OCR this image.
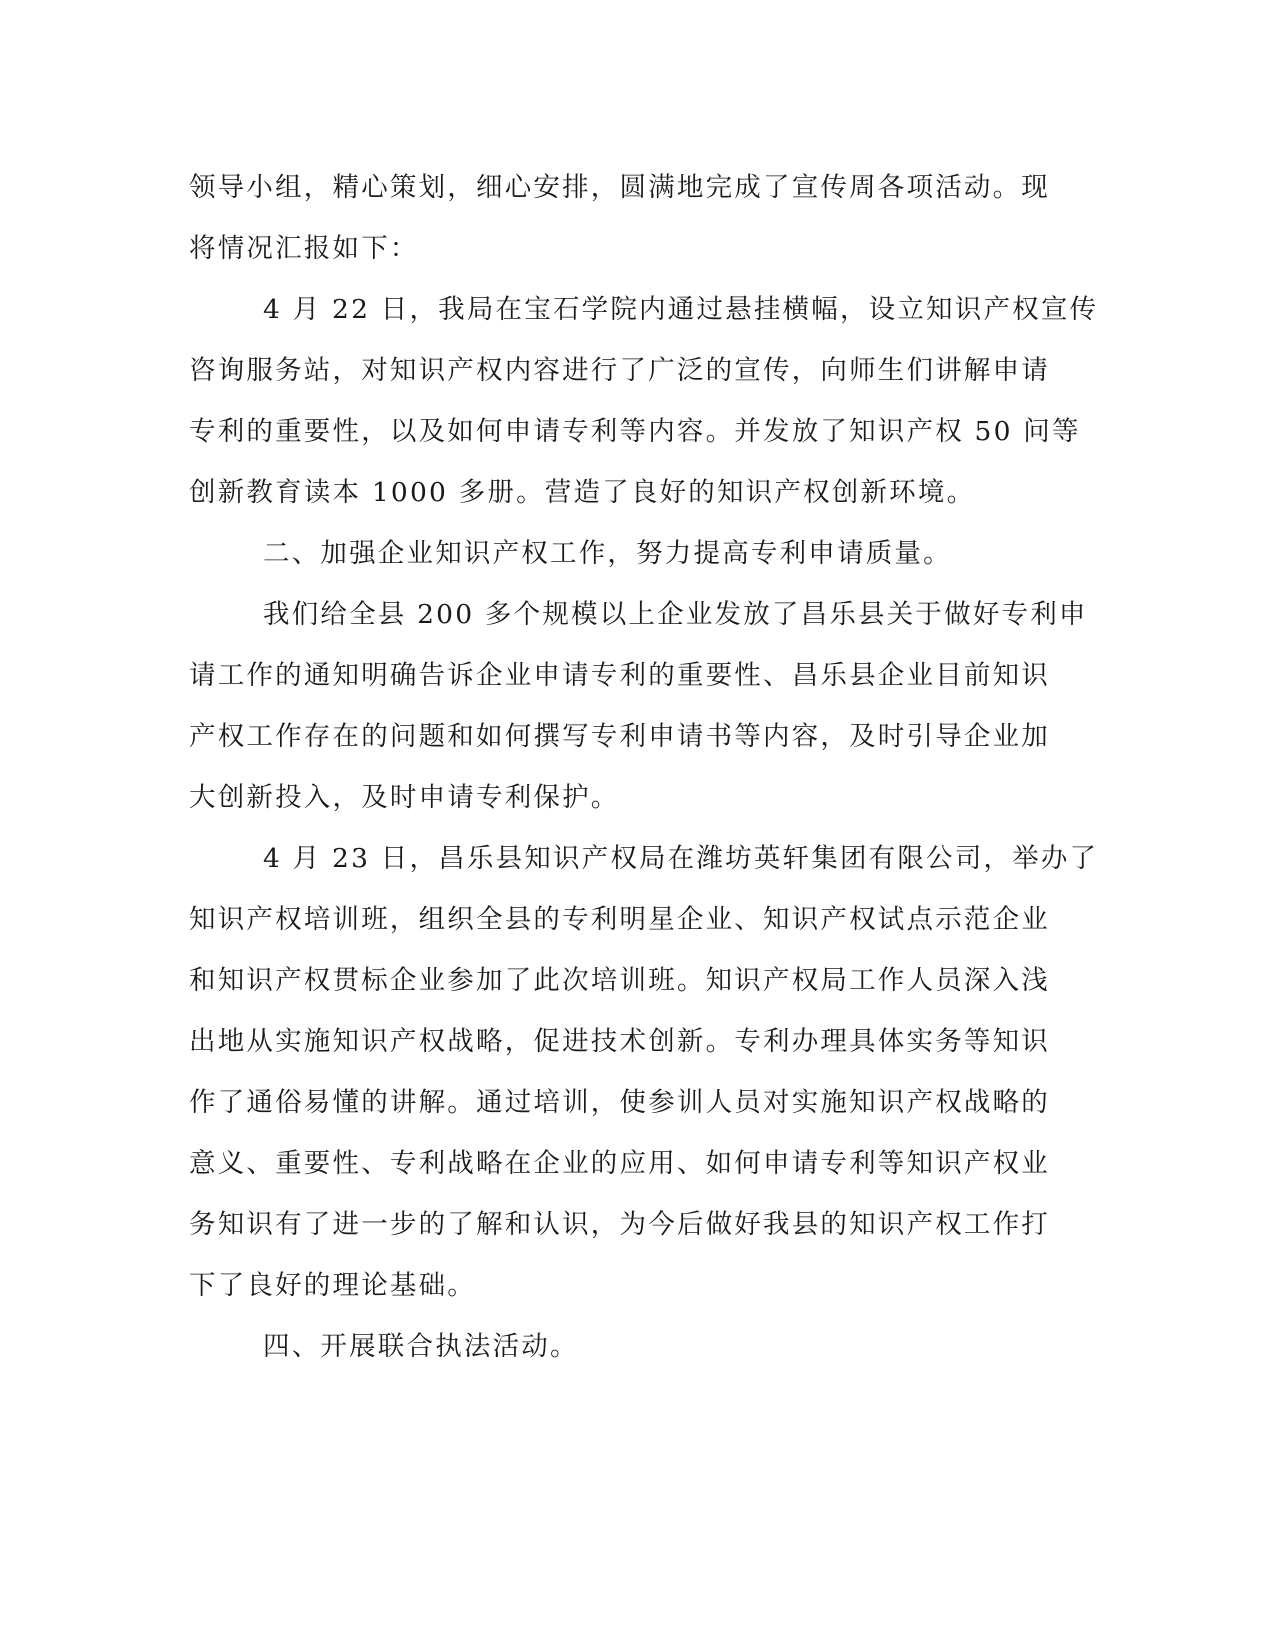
领导小组，精心策划，细心安排，圆满地完成了宣传周各项活动。现
将情况汇报如下：
4 月 22 日，我局在宝石学院内通过悬挂横幅，设立知识产权宣传
咨询服务站，对知识产权内容进行了广泛的宣传，向师生们讲解申请
专利的重要性，以及如何申请专利等内容。并发放了知识产权 50 问等
创新教育读本 1000 多册。营造了良好的知识产权创新环境。
二、加强企业知识产权工作，努力提高专利申请质量。
我们给全县 200 多个规模以上企业发放了昌乐县关于做好专利申
请工作的通知明确告诉企业申请专利的重要性、昌乐县企业目前知识
产权工作存在的问题和如何撰写专利申请书等内容，及时引导企业加
大创新投入，及时申请专利保护。
4 月 23 日，昌乐县知识产权局在潍坊英轩集团有限公司，举办了
知识产权培训班，组织全县的专利明星企业、知识产权试点示范企业
和知识产权贯标企业参加了此次培训班。知识产权局工作人员深入浅
出地从实施知识产权战略，促进技术创新。专利办理具体实务等知识
作了通俗易懂的讲解。通过培训，使参训人员对实施知识产权战略的
意义、重要性、专利战略在企业的应用、如何申请专利等知识产权业
务知识有了进一步的了解和认识，为今后做好我县的知识产权工作打
下了良好的理论基础。
四、开展联合执法活动。
